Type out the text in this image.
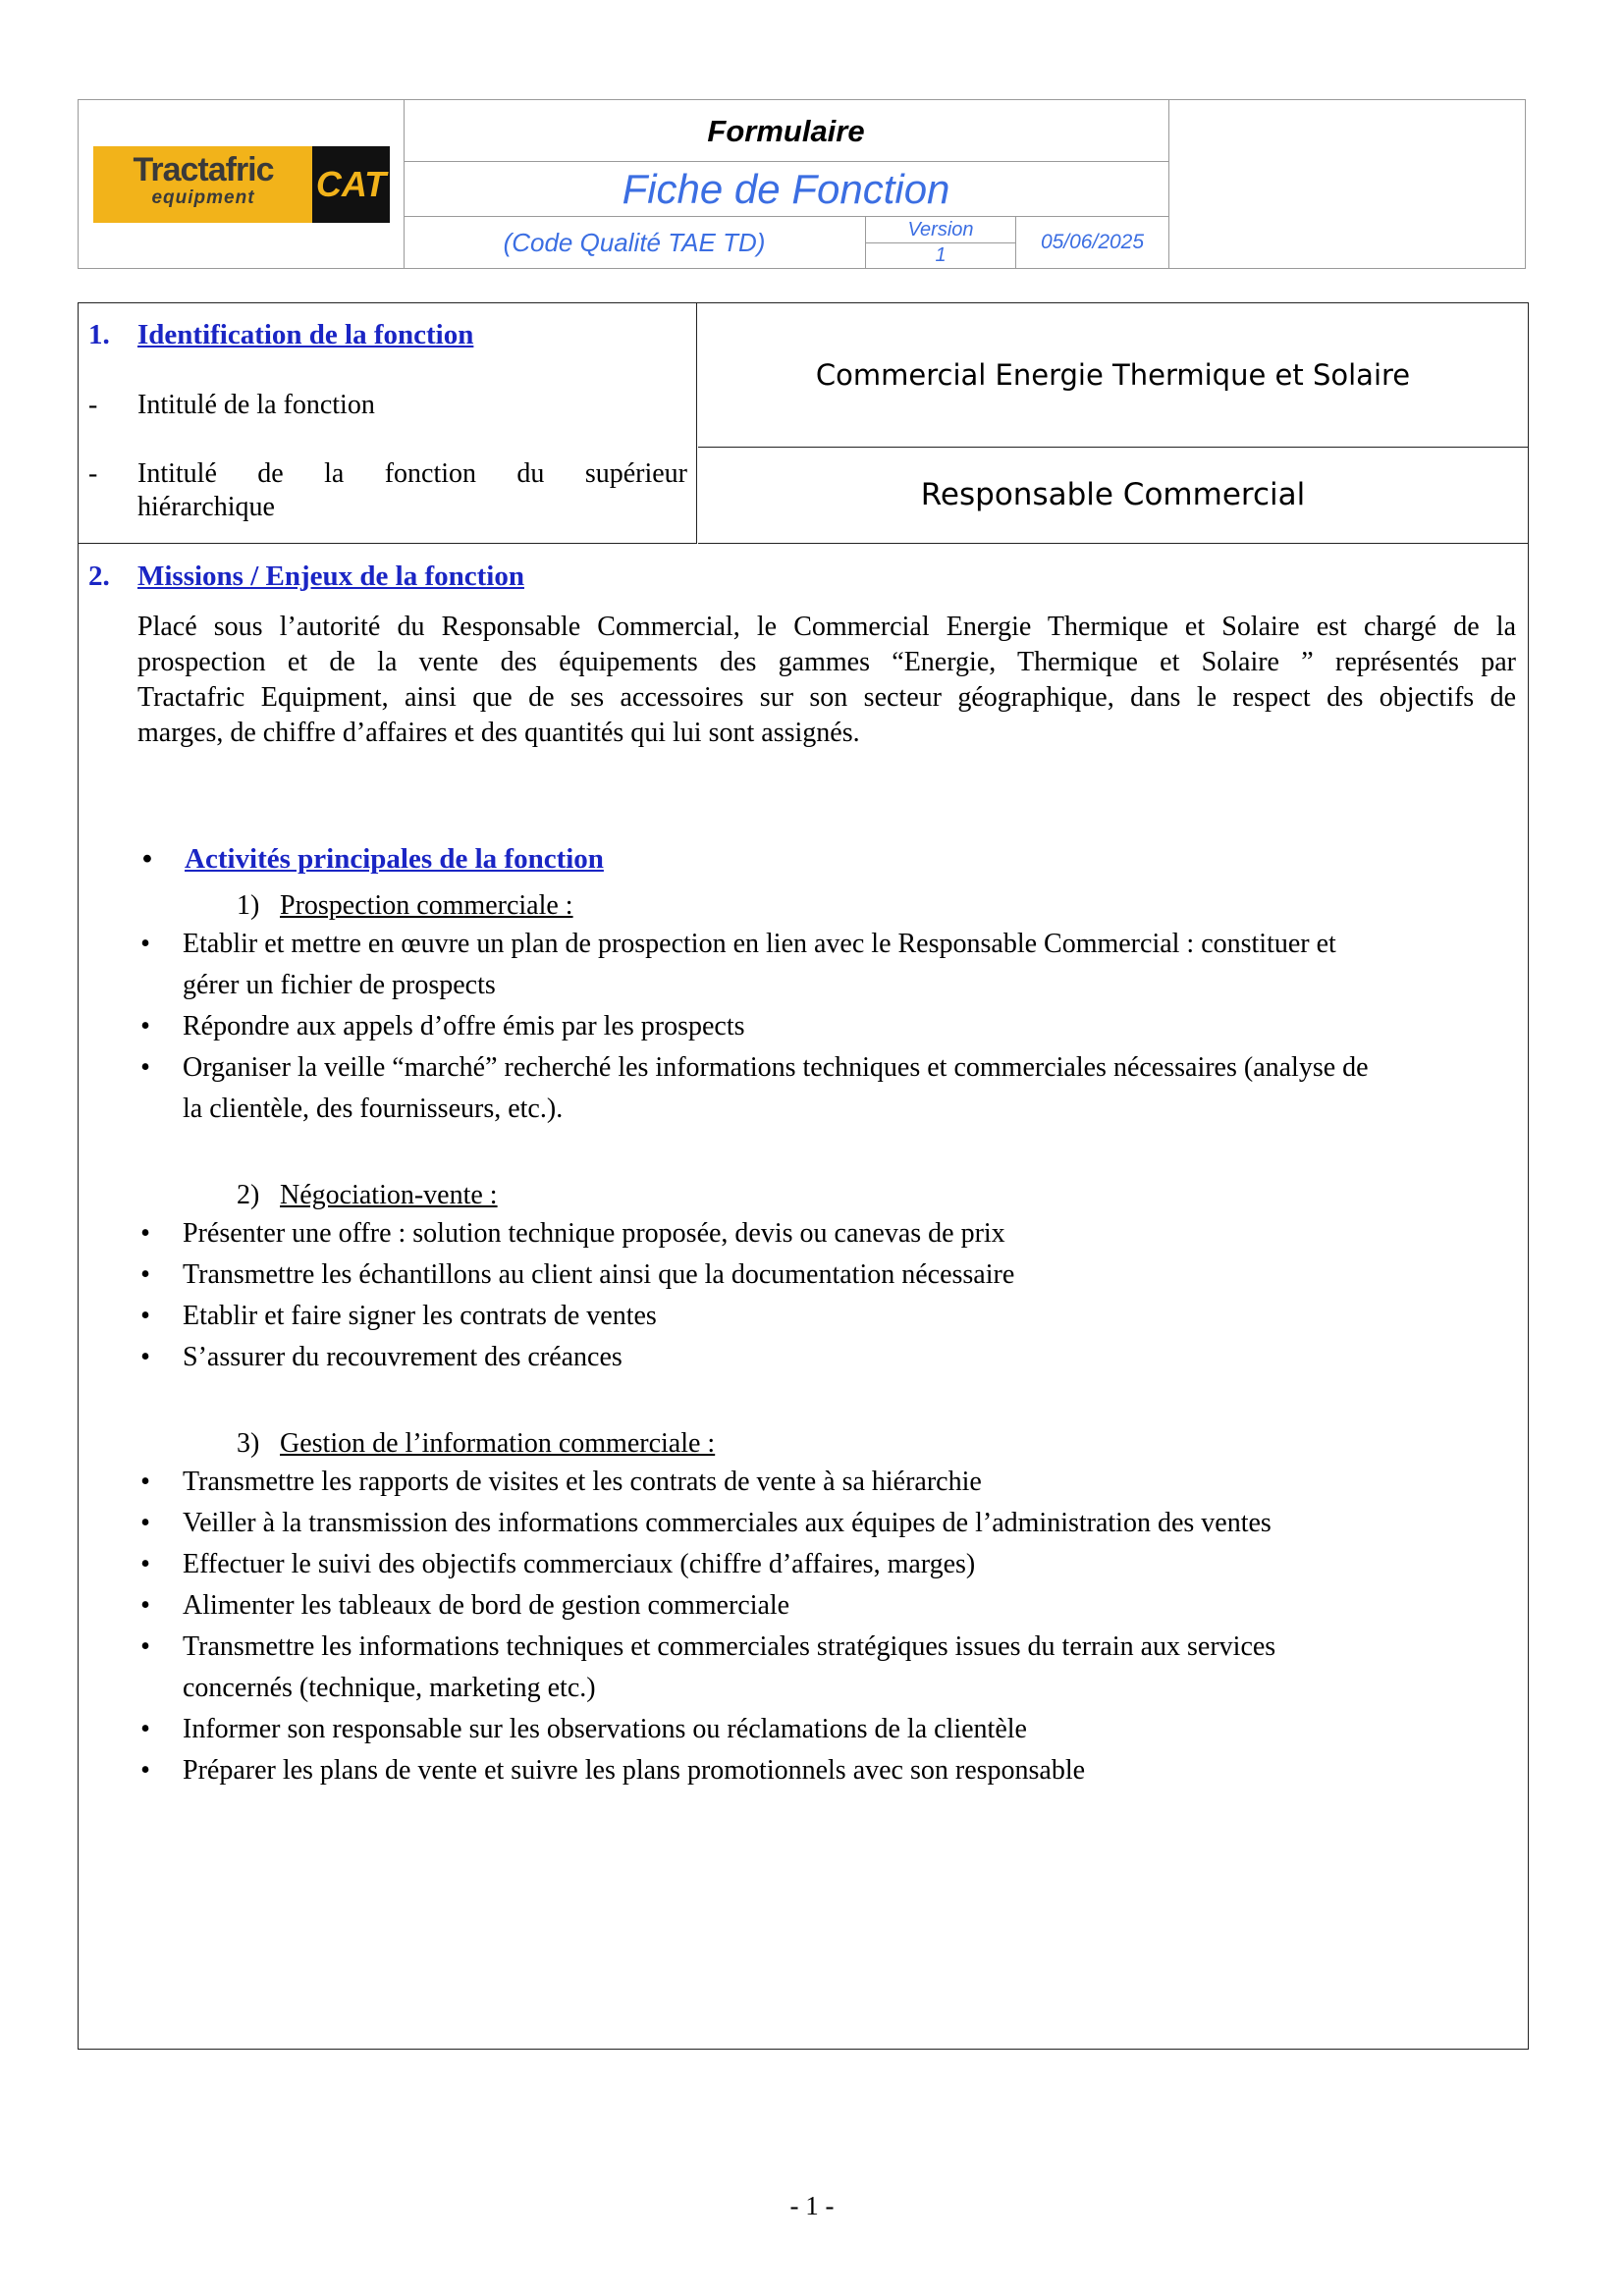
Tractafric
equipment	CAT
Formulaire
Fiche de Fonction
(Code Qualité TAE TD)	Version
1
05/06/2025
1. Identification de la fonction
- Intitulé de la fonction
- Intitulé de la fonction du supérieur
hiérarchique
Commercial Energie Thermique et Solaire
Responsable Commercial
2. Missions / Enjeux de la fonction
Placé sous l’autorité du Responsable Commercial, le Commercial Energie Thermique et Solaire est chargé de la
prospection et de la vente des équipements des gammes “Energie, Thermique et Solaire ” représentés par
Tractafric Equipment, ainsi que de ses accessoires sur son secteur géographique, dans le respect des objectifs de
marges, de chiffre d’affaires et des quantités qui lui sont assignés.
• Activités principales de la fonction
1) Prospection commerciale :
• Etablir et mettre en œuvre un plan de prospection en lien avec le Responsable Commercial : constituer et
gérer un fichier de prospects
• Répondre aux appels d’offre émis par les prospects
• Organiser la veille “marché” recherché les informations techniques et commerciales nécessaires (analyse de
la clientèle, des fournisseurs, etc.).
2) Négociation-vente :
• Présenter une offre : solution technique proposée, devis ou canevas de prix
• Transmettre les échantillons au client ainsi que la documentation nécessaire
• Etablir et faire signer les contrats de ventes
• S’assurer du recouvrement des créances
3) Gestion de l’information commerciale :
• Transmettre les rapports de visites et les contrats de vente à sa hiérarchie
• Veiller à la transmission des informations commerciales aux équipes de l’administration des ventes
• Effectuer le suivi des objectifs commerciaux (chiffre d’affaires, marges)
• Alimenter les tableaux de bord de gestion commerciale
• Transmettre les informations techniques et commerciales stratégiques issues du terrain aux services
concernés (technique, marketing etc.)
• Informer son responsable sur les observations ou réclamations de la clientèle
• Préparer les plans de vente et suivre les plans promotionnels avec son responsable
- 1 -
